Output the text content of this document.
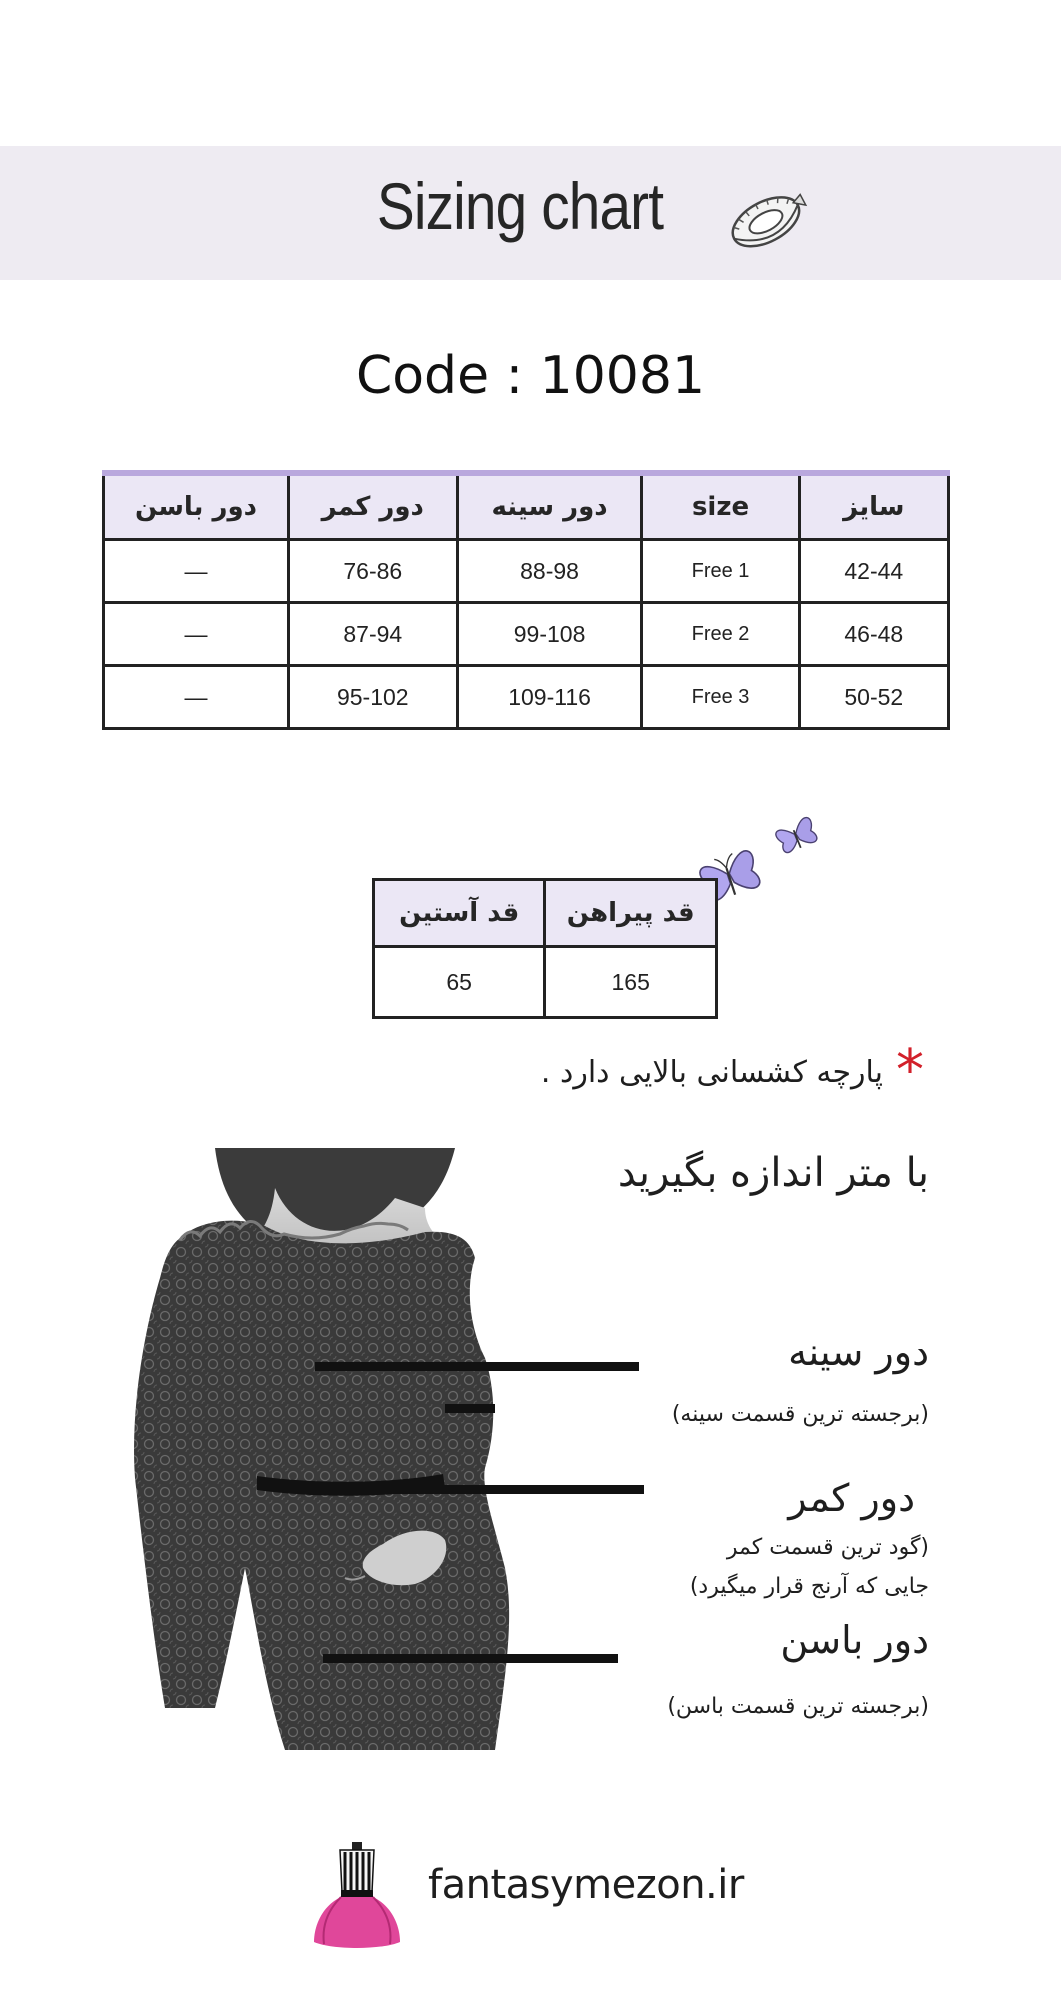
Sizing chart
Code : 10081
سایز	size	دور سینه	دور کمر	دور باسن
42-44	Free 1	88-98	76-86	—
46-48	Free 2	99-108	87-94	—
50-52	Free 3	109-116	95-102	—
قد پیراهن	قد آستین
165	65
*
پارچه کشسانی بالایی دارد .
با متر اندازه بگیرید
دور سینه
(برجسته ترین قسمت سینه)
دور کمر
(گود ترین قسمت کمر
جایی که آرنج قرار میگیرد)
دور باسن
(برجسته ترین قسمت باسن)
fantasymezon.ir
